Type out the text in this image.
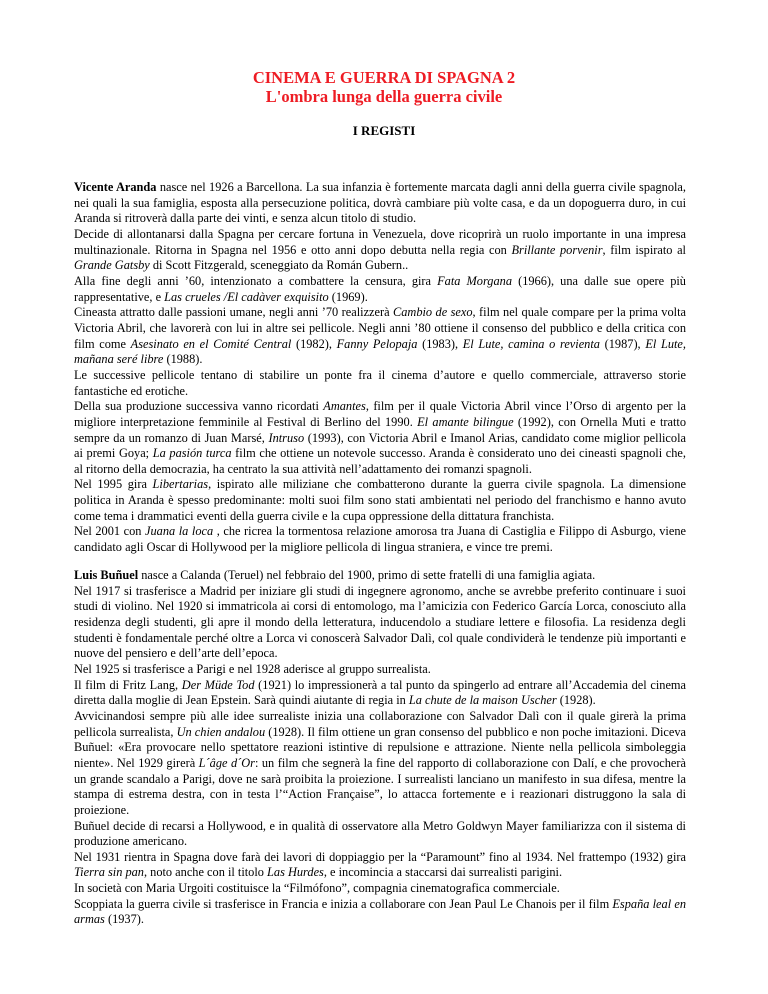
CINEMA E GUERRA DI SPAGNA 2
L'ombra lunga della guerra civile
I REGISTI

Vicente Aranda nasce nel 1926 a Barcellona. La sua infanzia è fortemente marcata dagli anni della guerra civile spagnola, nei quali la sua famiglia, esposta alla persecuzione politica, dovrà cambiare più volte casa, e da un dopoguerra duro, in cui Aranda si ritroverà dalla parte dei vinti, e senza alcun titolo di studio.

Decide di allontanarsi dalla Spagna per cercare fortuna in Venezuela, dove ricoprirà un ruolo importante in una impresa multinazionale. Ritorna in Spagna nel 1956 e otto anni dopo debutta nella regia con Brillante porvenir, film ispirato al Grande Gatsby di Scott Fitzgerald, sceneggiato da Román Gubern..

Alla fine degli anni ’60, intenzionato a combattere la censura, gira Fata Morgana (1966), una dalle sue opere più rappresentative, e Las crueles /El cadàver exquisito (1969).

Cineasta attratto dalle passioni umane, negli anni ’70 realizzerà Cambio de sexo, film nel quale compare per la prima volta Victoria Abril, che lavorerà con lui in altre sei pellicole. Negli anni ’80 ottiene il consenso del pubblico e della critica con film come Asesinato en el Comité Central (1982), Fanny Pelopaja (1983), El Lute, camina o revienta (1987), El Lute, mañana seré libre (1988).

Le successive pellicole tentano di stabilire un ponte fra il cinema d’autore e quello commerciale, attraverso storie fantastiche ed erotiche.

Della sua produzione successiva vanno ricordati Amantes, film per il quale Victoria Abril vince l’Orso di argento per la migliore interpretazione femminile al Festival di Berlino del 1990. El amante bilingue (1992), con Ornella Muti e tratto sempre da un romanzo di Juan Marsé, Intruso (1993), con Victoria Abril e Imanol Arias, candidato come miglior pellicola ai premi Goya; La pasión turca film che ottiene un notevole successo. Aranda è considerato uno dei cineasti spagnoli che, al ritorno della democrazia, ha centrato la sua attività nell’adattamento dei romanzi spagnoli.

Nel 1995 gira Libertarias, ispirato alle miliziane che combatterono durante la guerra civile spagnola. La dimensione politica in Aranda è spesso predominante: molti suoi film sono stati ambientati nel periodo del franchismo e hanno avuto come tema i drammatici eventi della guerra civile e la cupa oppressione della dittatura franchista.

Nel 2001 con Juana la loca , che ricrea la tormentosa relazione amorosa tra Juana di Castiglia e Filippo di Asburgo, viene candidato agli Oscar di Hollywood per la migliore pellicola di lingua straniera, e vince tre premi.

Luis Buñuel nasce a Calanda (Teruel) nel febbraio del 1900, primo di sette fratelli di una famiglia agiata.

Nel 1917 si trasferisce a Madrid per iniziare gli studi di ingegnere agronomo, anche se avrebbe preferito continuare i suoi studi di violino. Nel 1920 si immatricola ai corsi di entomologo, ma l’amicizia con Federico García Lorca, conosciuto alla residenza degli studenti, gli apre il mondo della letteratura, inducendolo a studiare lettere e filosofia. La residenza degli studenti è fondamentale perché oltre a Lorca vi conoscerà Salvador Dalì, col quale condividerà le tendenze più importanti e nuove del pensiero e dell’arte dell’epoca.

Nel 1925 si trasferisce a Parigi e nel 1928 aderisce al gruppo surrealista.

Il film di Fritz Lang, Der Müde Tod (1921) lo impressionerà a tal punto da spingerlo ad entrare all’Accademia del cinema diretta dalla moglie di Jean Epstein. Sarà quindi aiutante di regia in La chute de la maison Uscher (1928).

Avvicinandosi sempre più alle idee surrealiste inizia una collaborazione con Salvador Dalì con il quale girerà la prima pellicola surrealista, Un chien andalou (1928). Il film ottiene un gran consenso del pubblico e non poche imitazioni. Diceva Buñuel: «Era provocare nello spettatore reazioni istintive di repulsione e attrazione. Niente nella pellicola simboleggia niente». Nel 1929 girerà L´âge d´Or: un film che segnerà la fine del rapporto di collaborazione con Dalí, e che provocherà un grande scandalo a Parigi, dove ne sarà proibita la proiezione. I surrealisti lanciano un manifesto in sua difesa, mentre la stampa di estrema destra, con in testa l’“Action Française”, lo attacca fortemente e i reazionari distruggono la sala di proiezione.

Buñuel decide di recarsi a Hollywood, e in qualità di osservatore alla Metro Goldwyn Mayer familiarizza con il sistema di produzione americano.

Nel 1931 rientra in Spagna dove farà dei lavori di doppiaggio per la “Paramount” fino al 1934. Nel frattempo (1932) gira Tierra sin pan, noto anche con il titolo Las Hurdes, e incomincia a staccarsi dai surrealisti parigini.

In società con Maria Urgoiti costituisce la “Filmófono”, compagnia cinematografica commerciale.

Scoppiata la guerra civile si trasferisce in Francia e inizia a collaborare con Jean Paul Le Chanois per il film España leal en armas (1937).
